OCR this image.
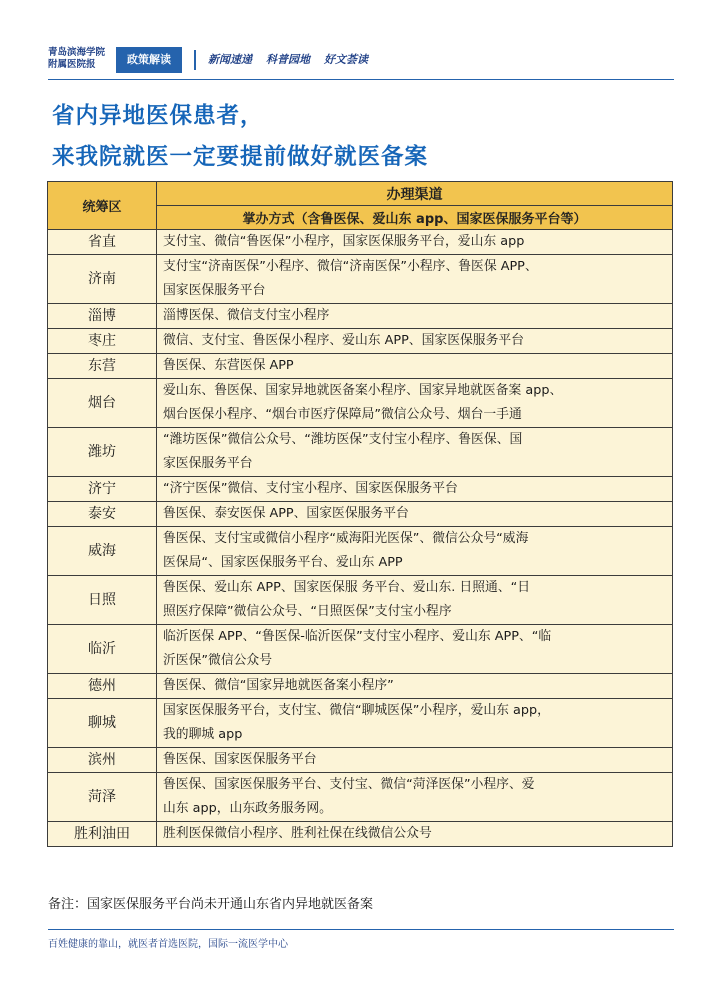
青岛滨海学院
附属医院报	政策解读	新闻速递 科普园地 好文荟读
省内异地医保患者，
来我院就医一定要提前做好就医备案
统筹区	办理渠道
	掌办方式（含鲁医保、爱山东 app、国家医保服务平台等）
省直	支付宝、微信“鲁医保”小程序，国家医保服务平台，爱山东 app

济南	支付宝“济南医保”小程序、微信“济南医保”小程序、鲁医保 APP、
国家医保服务平台

淄博	淄博医保、微信支付宝小程序

枣庄	微信、支付宝、鲁医保小程序、爱山东 APP、国家医保服务平台

东营	鲁医保、东营医保 APP

烟台	爱山东、鲁医保、国家异地就医备案小程序、国家异地就医备案 app、
烟台医保小程序、“烟台市医疗保障局”微信公众号、烟台一手通

潍坊	“潍坊医保”微信公众号、“潍坊医保”支付宝小程序、鲁医保、国
家医保服务平台

济宁	“济宁医保”微信、支付宝小程序、国家医保服务平台

泰安	鲁医保、泰安医保 APP、国家医保服务平台

威海	鲁医保、支付宝或微信小程序“威海阳光医保”、微信公众号“威海
医保局“、国家医保服务平台、爱山东 APP

日照	鲁医保、爱山东 APP、国家医保服 务平台、爱山东. 日照通、“日
照医疗保障”微信公众号、“日照医保”支付宝小程序

临沂	临沂医保 APP、“鲁医保-临沂医保”支付宝小程序、爱山东 APP、“临
沂医保”微信公众号

德州	鲁医保、微信“国家异地就医备案小程序”

聊城	国家医保服务平台，支付宝、微信“聊城医保”小程序，爱山东 app，
我的聊城 app

滨州	鲁医保、国家医保服务平台

菏泽	鲁医保、国家医保服务平台、支付宝、微信“菏泽医保”小程序、爱
山东 app，山东政务服务网。

胜利油田	胜利医保微信小程序、胜利社保在线微信公众号
备注：国家医保服务平台尚未开通山东省内异地就医备案
百姓健康的靠山，就医者首选医院，国际一流医学中心
